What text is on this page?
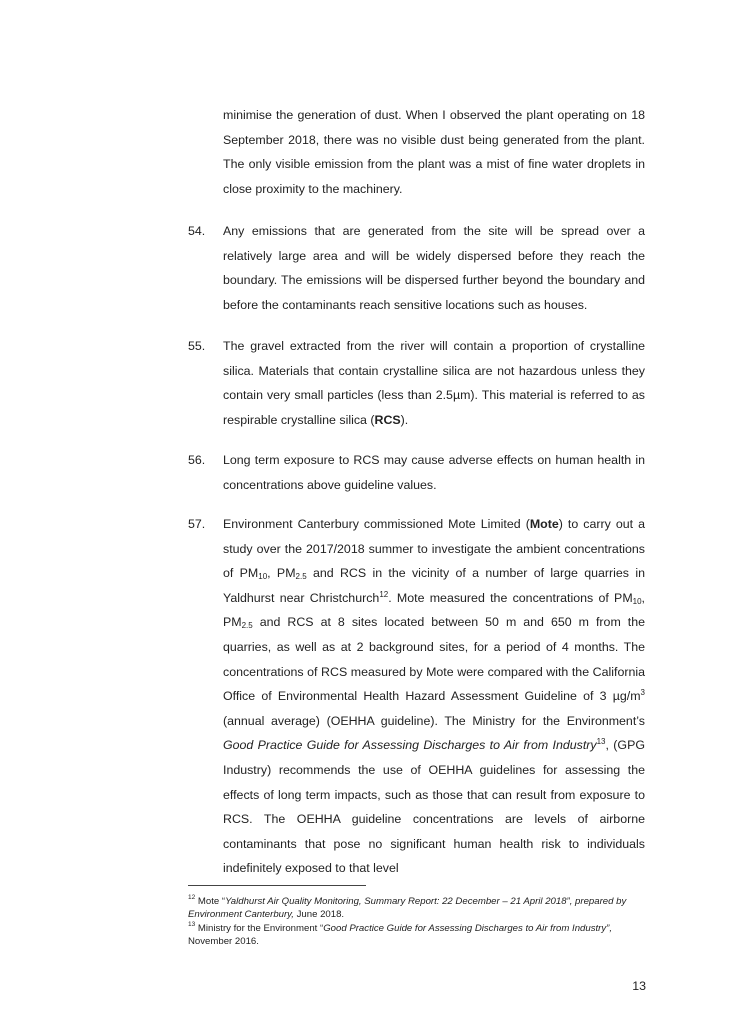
minimise the generation of dust. When I observed the plant operating on 18 September 2018, there was no visible dust being generated from the plant. The only visible emission from the plant was a mist of fine water droplets in close proximity to the machinery.

54. Any emissions that are generated from the site will be spread over a relatively large area and will be widely dispersed before they reach the boundary. The emissions will be dispersed further beyond the boundary and before the contaminants reach sensitive locations such as houses.

55. The gravel extracted from the river will contain a proportion of crystalline silica. Materials that contain crystalline silica are not hazardous unless they contain very small particles (less than 2.5µm). This material is referred to as respirable crystalline silica (RCS).

56. Long term exposure to RCS may cause adverse effects on human health in concentrations above guideline values.

57. Environment Canterbury commissioned Mote Limited (Mote) to carry out a study over the 2017/2018 summer to investigate the ambient concentrations of $PM_{10}$, $PM_{2.5}$ and RCS in the vicinity of a number of large quarries in Yaldhurst near Christchurch$^{12}$. Mote measured the concentrations of $PM_{10}$, $PM_{2.5}$ and RCS at 8 sites located between 50 m and 650 m from the quarries, as well as at 2 background sites, for a period of 4 months. The concentrations of RCS measured by Mote were compared with the California Office of Environmental Health Hazard Assessment Guideline of 3 $\mu g/m^3$ (annual average) (OEHHA guideline). The Ministry for the Environment’s Good Practice Guide for Assessing Discharges to Air from Industry$^{13}$, (GPG Industry) recommends the use of OEHHA guidelines for assessing the effects of long term impacts, such as those that can result from exposure to RCS. The OEHHA guideline concentrations are levels of airborne contaminants that pose no significant human health risk to individuals indefinitely exposed to that level

$^{12}$ Mote “Yaldhurst Air Quality Monitoring, Summary Report: 22 December – 21 April 2018”, prepared by Environment Canterbury, June 2018.

$^{13}$ Ministry for the Environment “Good Practice Guide for Assessing Discharges to Air from Industry”, November 2016.

13
